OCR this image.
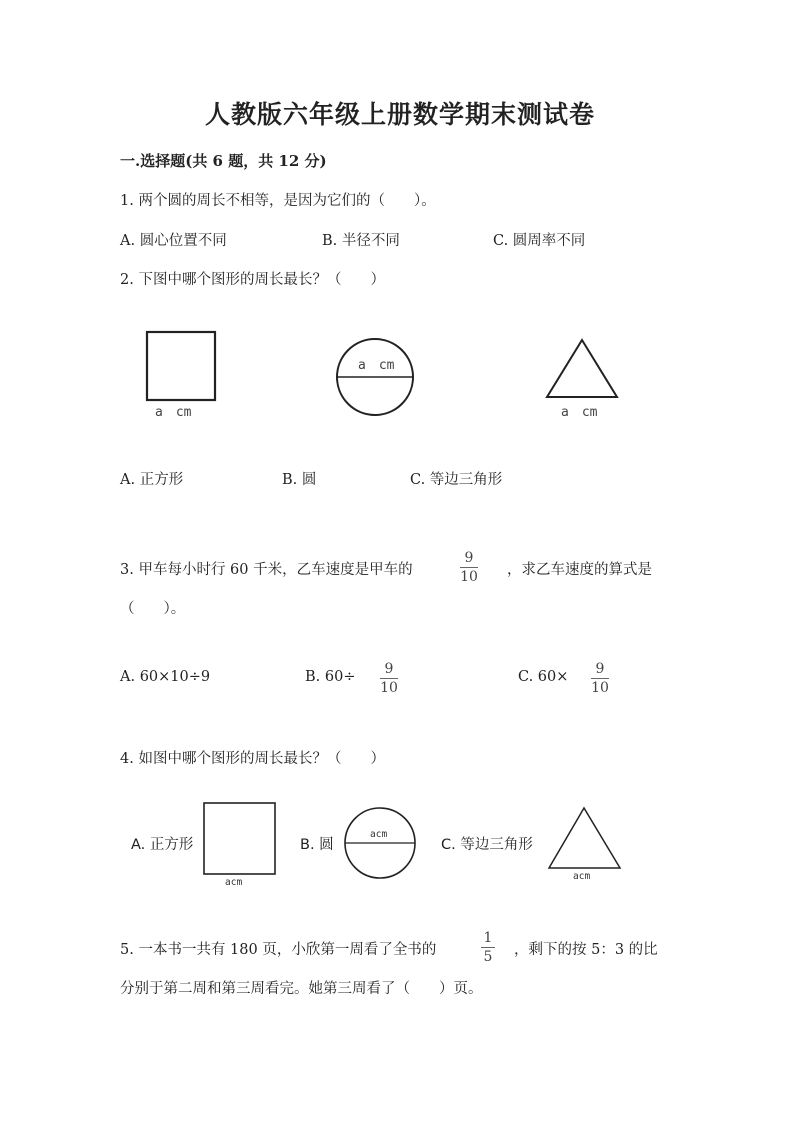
人教版六年级上册数学期末测试卷
一.选择题(共 6 题，共 12 分)
1. 两个圆的周长不相等，是因为它们的（　　）。
A. 圆心位置不同	B. 半径不同	C. 圆周率不同
2. 下图中哪个图形的周长最长？（　　）
a　cm
a　cm
a　cm
A. 正方形	B. 圆	C. 等边三角形
3. 甲车每小时行 60 千米，乙车速度是甲车的
9
10 ，求乙车速度的算式是
（　　）。
A. 60×10÷9	B. 60÷	9
10
C. 60×	9
10
4. 如图中哪个图形的周长最长？（　　）
A. 正方形	B. 圆	C. 等边三角形
acm
acm
acm
5. 一本书一共有 180 页，小欣第一周看了全书的
1
5 ，剩下的按 5：3 的比
分别于第二周和第三周看完。她第三周看了（　　）页。
